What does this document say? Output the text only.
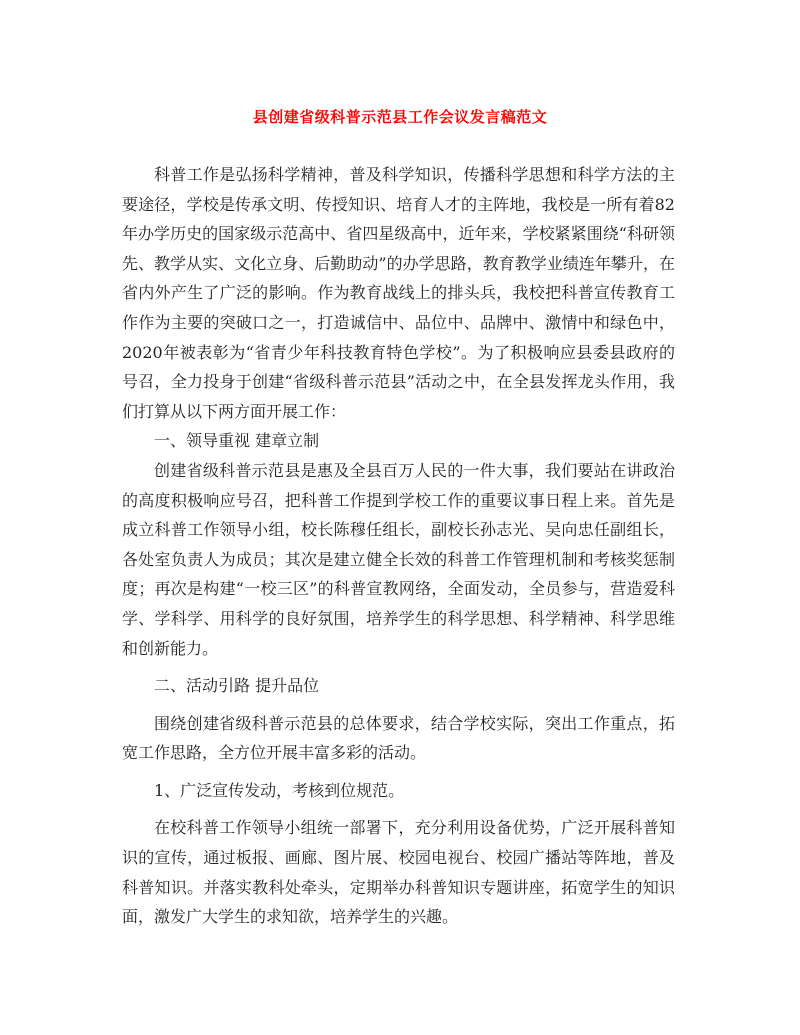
县创建省级科普示范县工作会议发言稿范文

科普工作是弘扬科学精神，普及科学知识，传播科学思想和科学方法的主要途径，学校是传承文明、传授知识、培育人才的主阵地，我校是一所有着82年办学历史的国家级示范高中、省四星级高中，近年来，学校紧紧围绕“科研领先、教学从实、文化立身、后勤助动”的办学思路，教育教学业绩连年攀升，在省内外产生了广泛的影响。作为教育战线上的排头兵，我校把科普宣传教育工作作为主要的突破口之一，打造诚信中、品位中、品牌中、激情中和绿色中，2020年被表彰为“省青少年科技教育特色学校”。为了积极响应县委县政府的号召，全力投身于创建“省级科普示范县”活动之中，在全县发挥龙头作用，我们打算从以下两方面开展工作：

一、领导重视 建章立制

创建省级科普示范县是惠及全县百万人民的一件大事，我们要站在讲政治的高度积极响应号召，把科普工作提到学校工作的重要议事日程上来。首先是成立科普工作领导小组，校长陈穆任组长，副校长孙志光、吴向忠任副组长，各处室负责人为成员；其次是建立健全长效的科普工作管理机制和考核奖惩制度；再次是构建“一校三区”的科普宣教网络，全面发动，全员参与，营造爱科学、学科学、用科学的良好氛围，培养学生的科学思想、科学精神、科学思维和创新能力。

二、活动引路 提升品位

围绕创建省级科普示范县的总体要求，结合学校实际，突出工作重点，拓宽工作思路，全方位开展丰富多彩的活动。

1、广泛宣传发动，考核到位规范。

在校科普工作领导小组统一部署下，充分利用设备优势，广泛开展科普知识的宣传，通过板报、画廊、图片展、校园电视台、校园广播站等阵地，普及科普知识。并落实教科处牵头，定期举办科普知识专题讲座，拓宽学生的知识面，激发广大学生的求知欲，培养学生的兴趣。
